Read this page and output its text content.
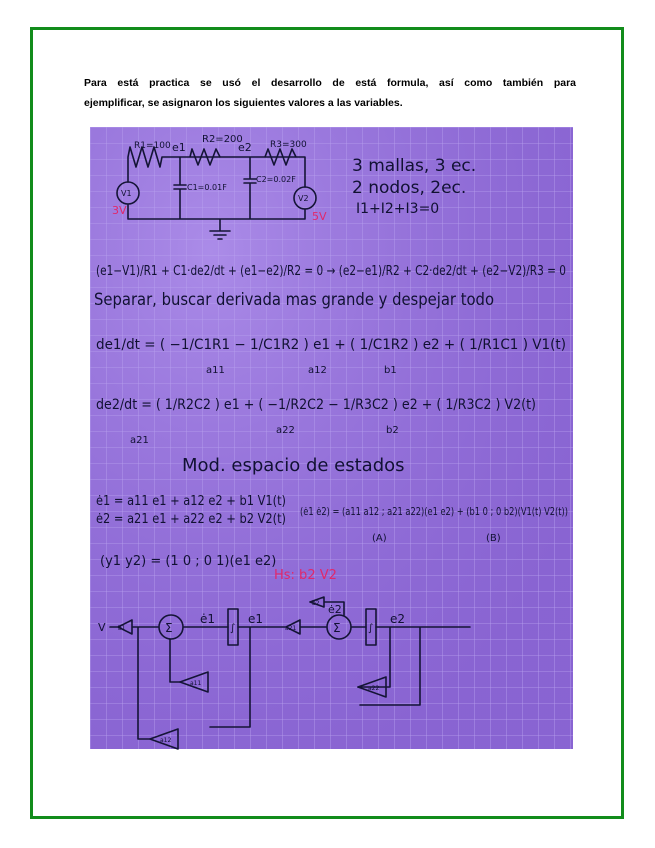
Para está practica se usó el desarrollo de está formula, así como también para
ejemplificar, se asignaron los siguientes valores a las variables.

R1=100
R2=200	R3=300
e1	e2
C1=0.01F
C2=0.02F
V1
V2
3V	5V
3 mallas, 3 ec.
2 nodos, 2ec.
I1+I2+I3=0
(e1−V1)/R1 + C1·de2/dt + (e1−e2)/R2 = 0 → (e2−e1)/R2 + C2·de2/dt + (e2−V2)/R3 = 0
Separar, buscar derivada mas grande y despejar todo
de1/dt = ( −1/C1R1 − 1/C1R2 ) e1 + ( 1/C1R2 ) e2 + ( 1/R1C1 ) V1(t)
a11	a12	b1
de2/dt = ( 1/R2C2 ) e1 + ( −1/R2C2 − 1/R3C2 ) e2 + ( 1/R3C2 ) V2(t)
a21
a22	b2
Mod. espacio de estados
ė1 = a11 e1 + a12 e2 + b1 V1(t)
ė2 = a21 e1 + a22 e2 + b2 V2(t)
(ė1 ė2) = (a11 a12 ; a21 a22)(e1 e2) + (b1 0 ; 0 b2)(V1(t) V2(t))
(A)	(B)
(y1 y2) = (1 0 ; 0 1)(e1 e2)
Hs: b2 V2
V	Σ	Σ
ė1	e1
ė2
e2
∫	∫
b1
b2
a21
a11
a22
a12
